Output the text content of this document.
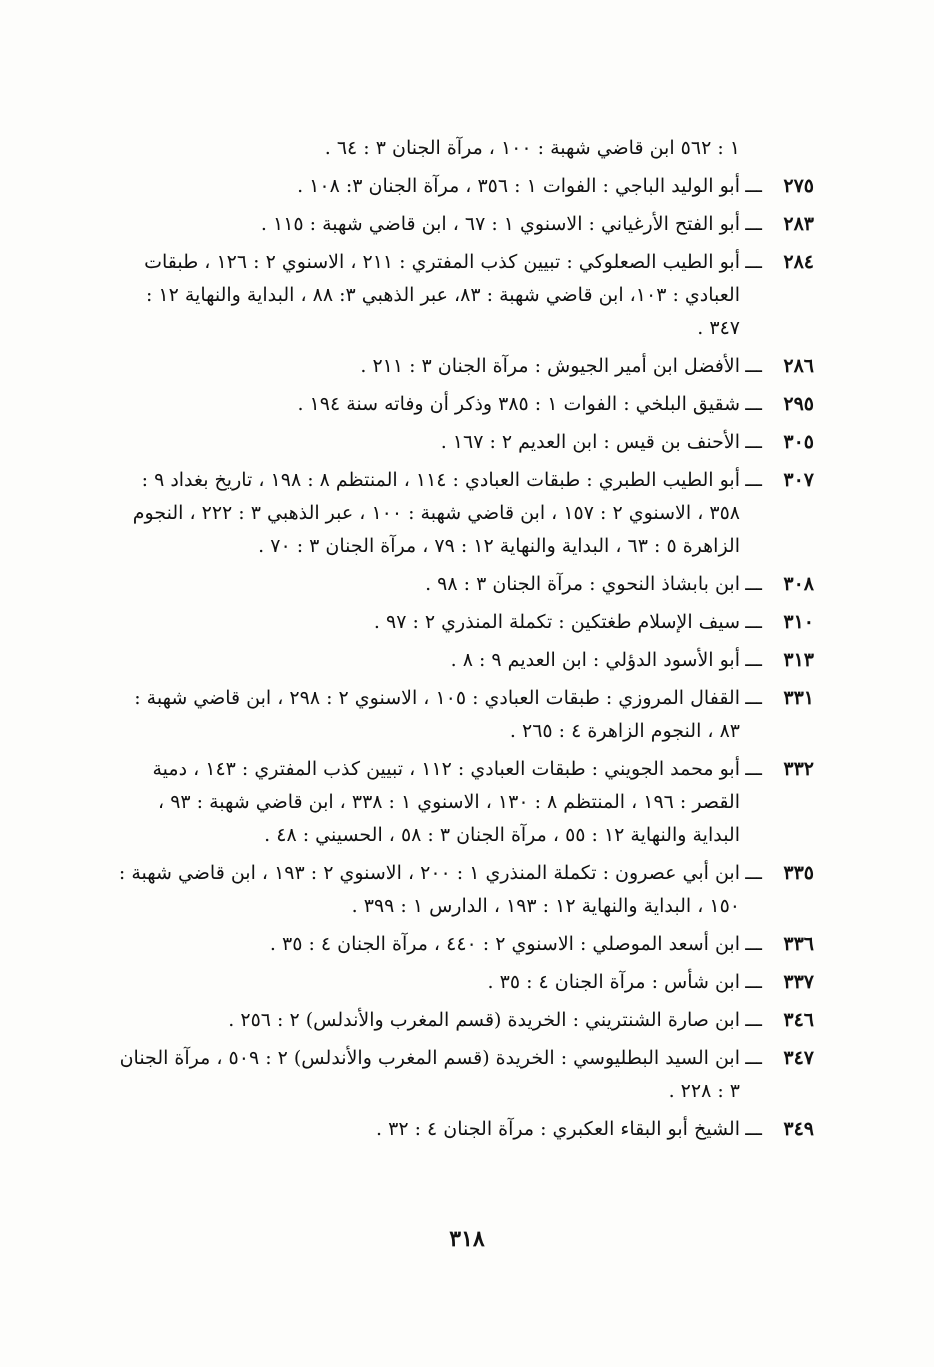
١ : ٥٦٢ ابن قاضي شهبة : ١٠٠ ، مرآة الجنان ٣ : ٦٤ .
٢٧٥
ـــ
أبو الوليد الباجي : الفوات ١ : ٣٥٦ ، مرآة الجنان ٣: ١٠٨ .
٢٨٣
ـــ
أبو الفتح الأرغياني : الاسنوي ١ : ٦٧ ، ابن قاضي شهبة : ١١٥ .
٢٨٤
ـــ
أبو الطيب الصعلوكي : تبيين كذب المفتري : ٢١١ ، الاسنوي ٢ : ١٢٦ ، طبقات العبادي : ١٠٣، ابن قاضي شهبة : ٨٣، عبر الذهبي ٣: ٨٨ ، البداية والنهاية ١٢ : ٣٤٧ .
٢٨٦
ـــ
الأفضل ابن أمير الجيوش : مرآة الجنان ٣ : ٢١١ .
٢٩٥
ـــ
شقيق البلخي : الفوات ١ : ٣٨٥ وذكر أن وفاته سنة ١٩٤ .
٣٠٥
ـــ
الأحنف بن قيس : ابن العديم ٢ : ١٦٧ .
٣٠٧
ـــ
أبو الطيب الطبري : طبقات العبادي : ١١٤ ، المنتظم ٨ : ١٩٨ ، تاريخ بغداد ٩ : ٣٥٨ ، الاسنوي ٢ : ١٥٧ ، ابن قاضي شهبة : ١٠٠ ، عبر الذهبي ٣ : ٢٢٢ ، النجوم الزاهرة ٥ : ٦٣ ، البداية والنهاية ١٢ : ٧٩ ، مرآة الجنان ٣ : ٧٠ .
٣٠٨
ـــ
ابن بابشاذ النحوي : مرآة الجنان ٣ : ٩٨ .
٣١٠
ـــ
سيف الإسلام طغتكين : تكملة المنذري ٢ : ٩٧ .
٣١٣
ـــ
أبو الأسود الدؤلي : ابن العديم ٩ : ٨ .
٣٣١
ـــ
القفال المروزي : طبقات العبادي : ١٠٥ ، الاسنوي ٢ : ٢٩٨ ، ابن قاضي شهبة : ٨٣ ، النجوم الزاهرة ٤ : ٢٦٥ .
٣٣٢
ـــ
أبو محمد الجويني : طبقات العبادي : ١١٢ ، تبيين كذب المفتري : ١٤٣ ، دمية القصر : ١٩٦ ، المنتظم ٨ : ١٣٠ ، الاسنوي ١ : ٣٣٨ ، ابن قاضي شهبة : ٩٣ ، البداية والنهاية ١٢ : ٥٥ ، مرآة الجنان ٣ : ٥٨ ، الحسيني : ٤٨ .
٣٣٥
ـــ
ابن أبي عصرون : تكملة المنذري ١ : ٢٠٠ ، الاسنوي ٢ : ١٩٣ ، ابن قاضي شهبة : ١٥٠ ، البداية والنهاية ١٢ : ١٩٣ ، الدارس ١ : ٣٩٩ .
٣٣٦
ـــ
ابن أسعد الموصلي : الاسنوي ٢ : ٤٤٠ ، مرآة الجنان ٤ : ٣٥ .
٣٣٧
ـــ
ابن شأس : مرآة الجنان ٤ : ٣٥ .
٣٤٦
ـــ
ابن صارة الشنتريني : الخريدة (قسم المغرب والأندلس) ٢ : ٢٥٦ .
٣٤٧
ـــ
ابن السيد البطليوسي : الخريدة (قسم المغرب والأندلس) ٢ : ٥٠٩ ، مرآة الجنان ٣ : ٢٢٨ .
٣٤٩
ـــ
الشيخ أبو البقاء العكبري : مرآة الجنان ٤ : ٣٢ .
٣١٨
